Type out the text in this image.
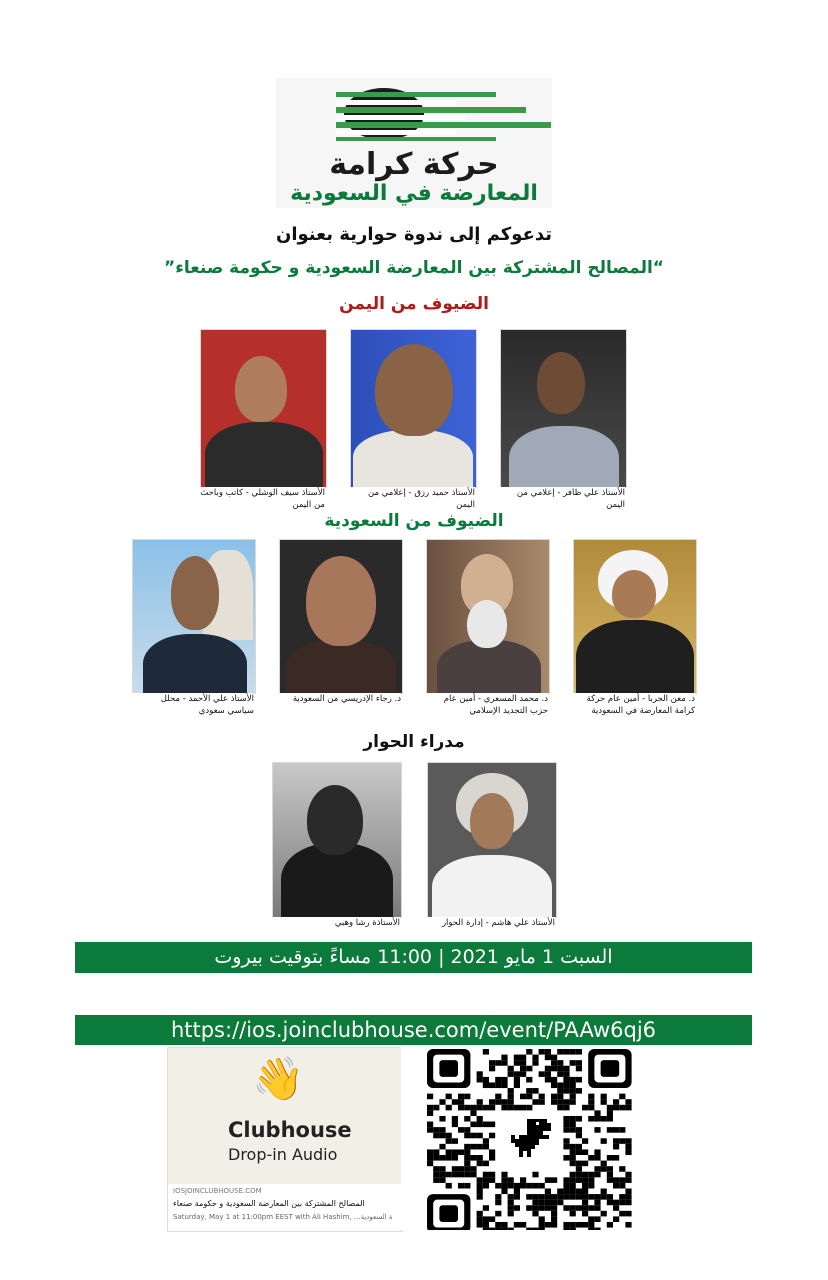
حركة كرامة
المعارضة في السعودية
تدعوكم إلى ندوة حوارية بعنوان
“المصالح المشتركة بين المعارضة السعودية و حكومة صنعاء”
الضيوف من اليمن
الأستاذ علي ظافر - إعلامي من اليمن
الأستاذ حميد رزق - إعلامي من اليمن
الأستاذ سيف الوشلي - كاتب وباحث من اليمن
الضيوف من السعودية
د. معن الجربا - أمين عام حركة كرامة المعارضة في السعودية
د. محمد المسعري - أمين عام حزب التجديد الإسلامي
د. رجاء الإدريسي من السعودية
الأستاذ علي الأحمد - محلل سياسي سعودي
مدراء الحوار
الأستاذ علي هاشم - إدارة الحوار
الأستاذة رشا وهبي
السبت 1 مايو 2021 | 11:00 مساءً بتوقيت بيروت
https://ios.joinclubhouse.com/event/PAAw6qj6
👋
Clubhouse
Drop-in Audio
IOSJOINCLUBHOUSE.COM
المصالح المشتركة بين المعارضة السعودية و حكومة صنعاء
Saturday, May 1 at 11:00pm EEST with Ali Hashim, ...ة السعودية
